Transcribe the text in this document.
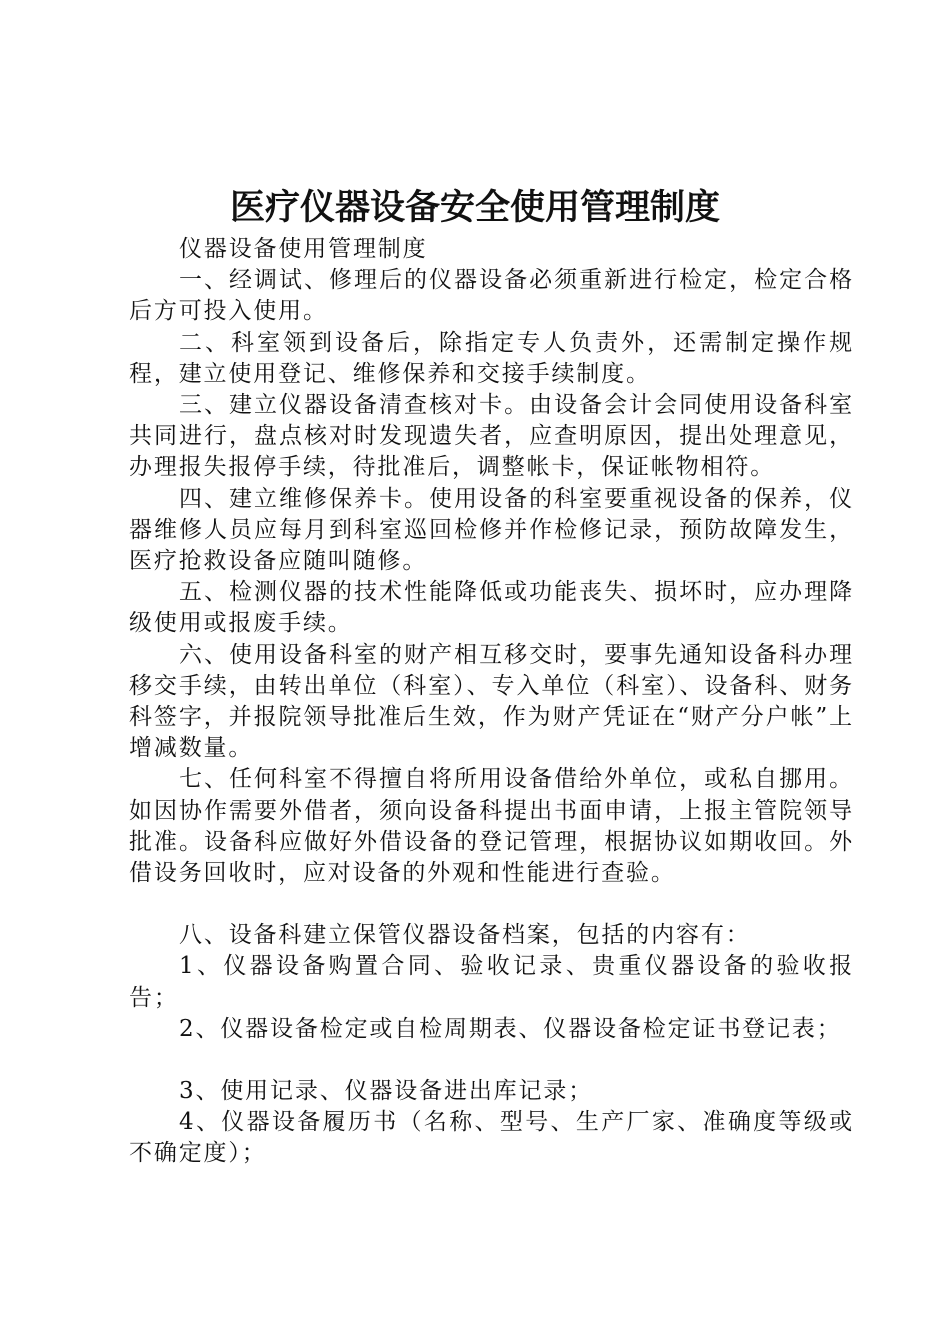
医疗仪器设备安全使用管理制度

仪器设备使用管理制度

一、经调试、修理后的仪器设备必须重新进行检定，检定合格后方可投入使用。

二、科室领到设备后，除指定专人负责外，还需制定操作规程，建立使用登记、维修保养和交接手续制度。

三、建立仪器设备清查核对卡。由设备会计会同使用设备科室共同进行，盘点核对时发现遗失者，应查明原因，提出处理意见，办理报失报停手续，待批准后，调整帐卡，保证帐物相符。

四、建立维修保养卡。使用设备的科室要重视设备的保养，仪器维修人员应每月到科室巡回检修并作检修记录，预防故障发生，医疗抢救设备应随叫随修。

五、检测仪器的技术性能降低或功能丧失、损坏时，应办理降级使用或报废手续。

六、使用设备科室的财产相互移交时，要事先通知设备科办理移交手续，由转出单位（科室）、专入单位（科室）、设备科、财务科签字，并报院领导批准后生效，作为财产凭证在“财产分户帐”上增减数量。

七、任何科室不得擅自将所用设备借给外单位，或私自挪用。如因协作需要外借者，须向设备科提出书面申请，上报主管院领导批准。设备科应做好外借设备的登记管理，根据协议如期收回。外借设务回收时，应对设备的外观和性能进行查验。

八、设备科建立保管仪器设备档案，包括的内容有：

1、仪器设备购置合同、验收记录、贵重仪器设备的验收报告；

2、仪器设备检定或自检周期表、仪器设备检定证书登记表；

3、使用记录、仪器设备进出库记录；

4、仪器设备履历书（名称、型号、生产厂家、准确度等级或不确定度）；
